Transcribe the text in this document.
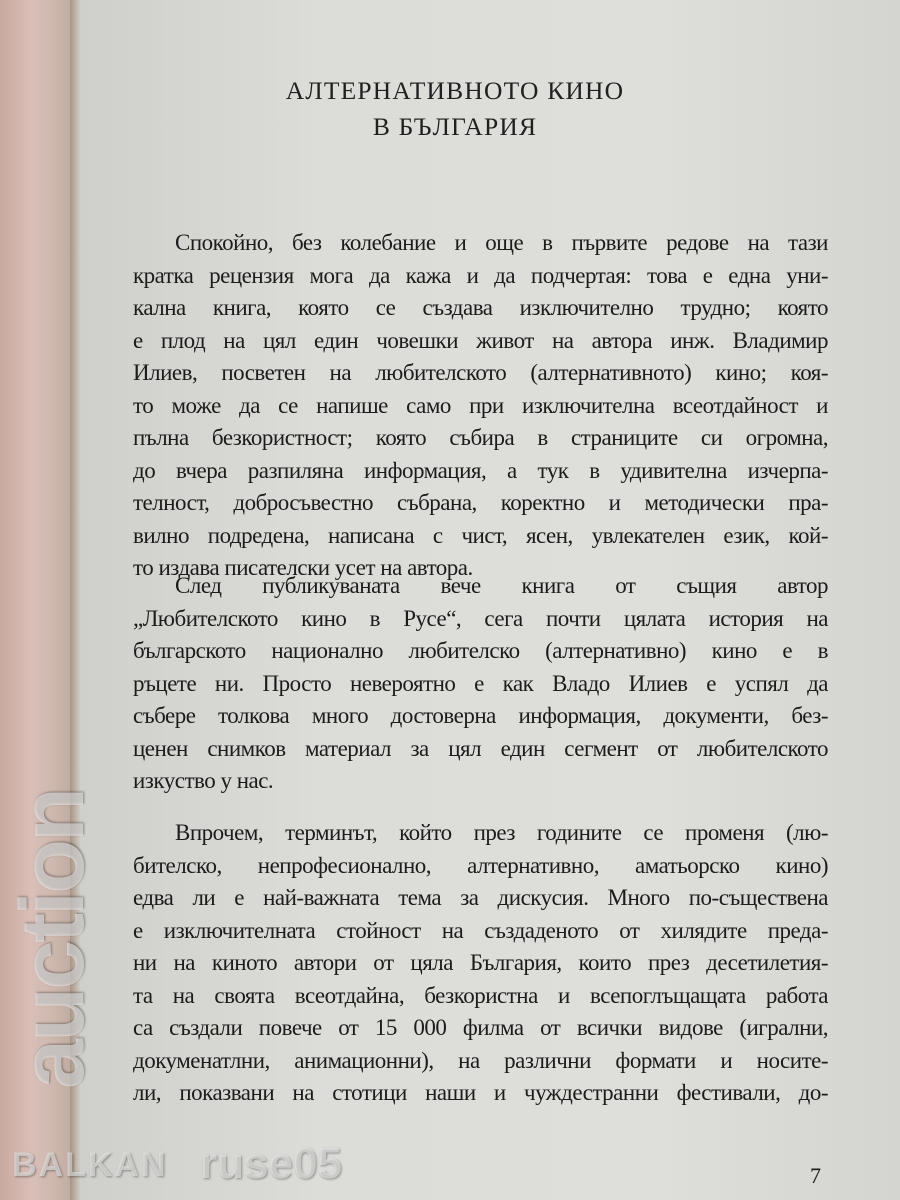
АЛТЕРНАТИВНОТО КИНО
В БЪЛГАРИЯ
Спокойно, без колебание и още в първите редове на тази
кратка рецензия мога да кажа и да подчертая: това е една уни-
кална книга, която се създава изключително трудно; която
е плод на цял един човешки живот на автора инж. Владимир
Илиев, посветен на любителското (алтернативното) кино; коя-
то може да се напише само при изключителна всеотдайност и
пълна безкористност; която събира в страниците си огромна,
до вчера разпиляна информация, а тук в удивителна изчерпа-
телност, добросъвестно събрана, коректно и методически пра-
вилно подредена, написана с чист, ясен, увлекателен език, кой-
то издава писателски усет на автора.
След публикуваната вече книга от същия автор
„Любителското кино в Русе“, сега почти цялата история на
българското национално любителско (алтернативно) кино е в
ръцете ни. Просто невероятно е как Владо Илиев е успял да
събере толкова много достоверна информация, документи, без-
ценен снимков материал за цял един сегмент от любителското
изкуство у нас.
Впрочем, терминът, който през годините се променя (лю-
бителско, непрофесионално, алтернативно, аматьорско кино)
едва ли е най-важната тема за дискусия. Много по-съществена
е изключителната стойност на създаденото от хилядите преда-
ни на киното автори от цяла България, които през десетилетия-
та на своята всеотдайна, безкористна и всепоглъщащата работа
са създали повече от 15 000 филма от всички видове (игрални,
докуменатлни, анимационни), на различни формати и носите-
ли, показвани на стотици наши и чуждестранни фестивали, до-
7
BALKAN
auction
ruse05
